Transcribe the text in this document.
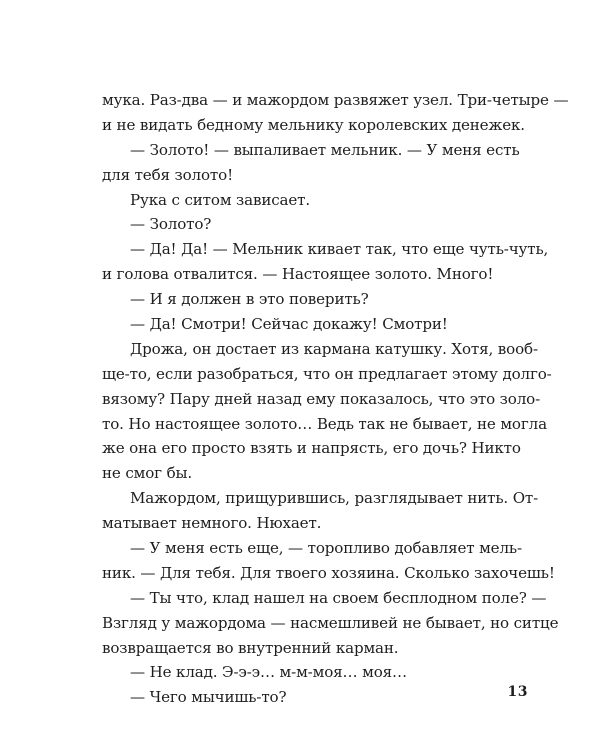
мука. Раз-два — и мажордом развяжет узел. Три-четыре —
и не видать бедному мельнику королевских денежек.
— Золото! — выпаливает мельник. — У меня есть
для тебя золото!
Рука с ситом зависает.
— Золото?
— Да! Да! — Мельник кивает так, что еще чуть-чуть,
и голова отвалится. — Настоящее золото. Много!
— И я должен в это поверить?
— Да! Смотри! Сейчас докажу! Смотри!
Дрожа, он достает из кармана катушку. Хотя, вооб-
ще-то, если разобраться, что он предлагает этому долго-
вязому? Пару дней назад ему показалось, что это золо-
то. Но настоящее золото… Ведь так не бывает, не могла
же она его просто взять и напрясть, его дочь? Никто
не смог бы.
Мажордом, прищурившись, разглядывает нить. От-
матывает немного. Нюхает.
— У меня есть еще, — торопливо добавляет мель-
ник. — Для тебя. Для твоего хозяина. Сколько захочешь!
— Ты что, клад нашел на своем бесплодном поле? —
Взгляд у мажордома — насмешливей не бывает, но ситце
возвращается во внутренний карман.
— Не клад. Э-э-э… м-м-моя… моя…
— Чего мычишь-то?	13
